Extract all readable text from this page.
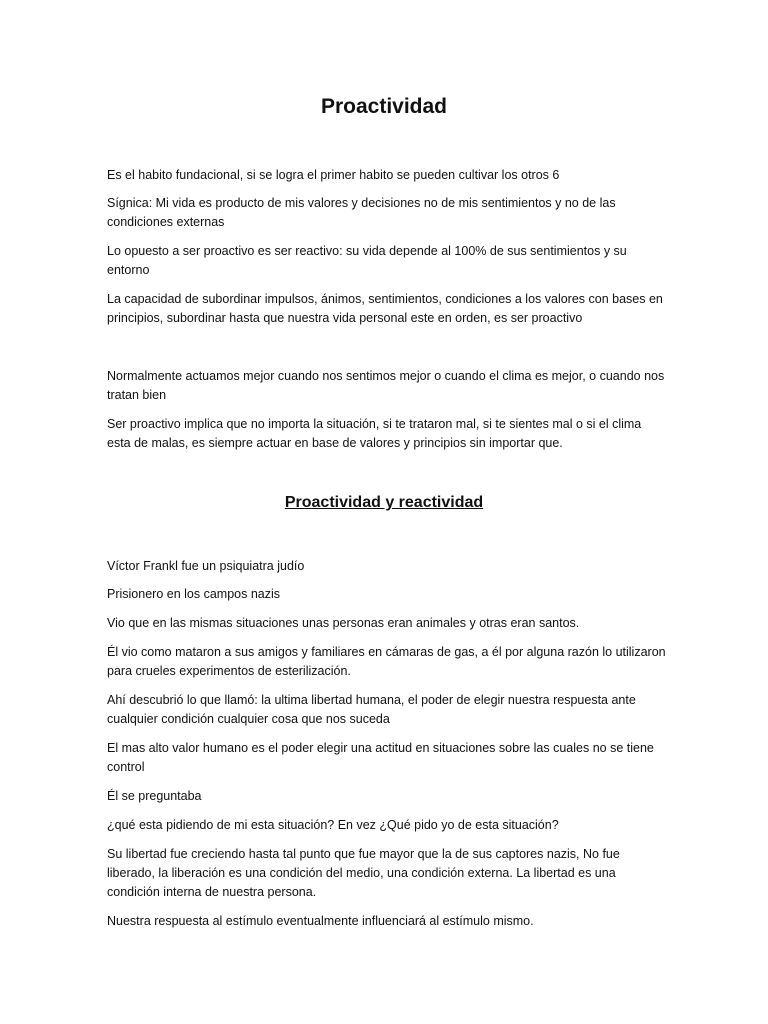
Proactividad

Es el habito fundacional, si se logra el primer habito se pueden cultivar los otros 6

Sígnica: Mi vida es producto de mis valores y decisiones no de mis sentimientos y no de las condiciones externas

Lo opuesto a ser proactivo es ser reactivo: su vida depende al 100% de sus sentimientos y su entorno

La capacidad de subordinar impulsos, ánimos, sentimientos, condiciones a los valores con bases en principios, subordinar hasta que nuestra vida personal este en orden, es ser proactivo

Normalmente actuamos mejor cuando nos sentimos mejor o cuando el clima es mejor, o cuando nos tratan bien

Ser proactivo implica que no importa la situación, si te trataron mal, si te sientes mal o si el clima esta de malas, es siempre actuar en base de valores y principios sin importar que.

Proactividad y reactividad

Víctor Frankl fue un psiquiatra judío

Prisionero en los campos nazis

Vio que en las mismas situaciones unas personas eran animales y otras eran santos.

Él vio como mataron a sus amigos y familiares en cámaras de gas, a él por alguna razón lo utilizaron para crueles experimentos de esterilización.

Ahí descubrió lo que llamó: la ultima libertad humana, el poder de elegir nuestra respuesta ante cualquier condición cualquier cosa que nos suceda

El mas alto valor humano es el poder elegir una actitud en situaciones sobre las cuales no se tiene control

Él se preguntaba

¿qué esta pidiendo de mi esta situación? En vez ¿Qué pido yo de esta situación?

Su libertad fue creciendo hasta tal punto que fue mayor que la de sus captores nazis, No fue liberado, la liberación es una condición del medio, una condición externa. La libertad es una condición interna de nuestra persona.

Nuestra respuesta al estímulo eventualmente influenciará al estímulo mismo.
